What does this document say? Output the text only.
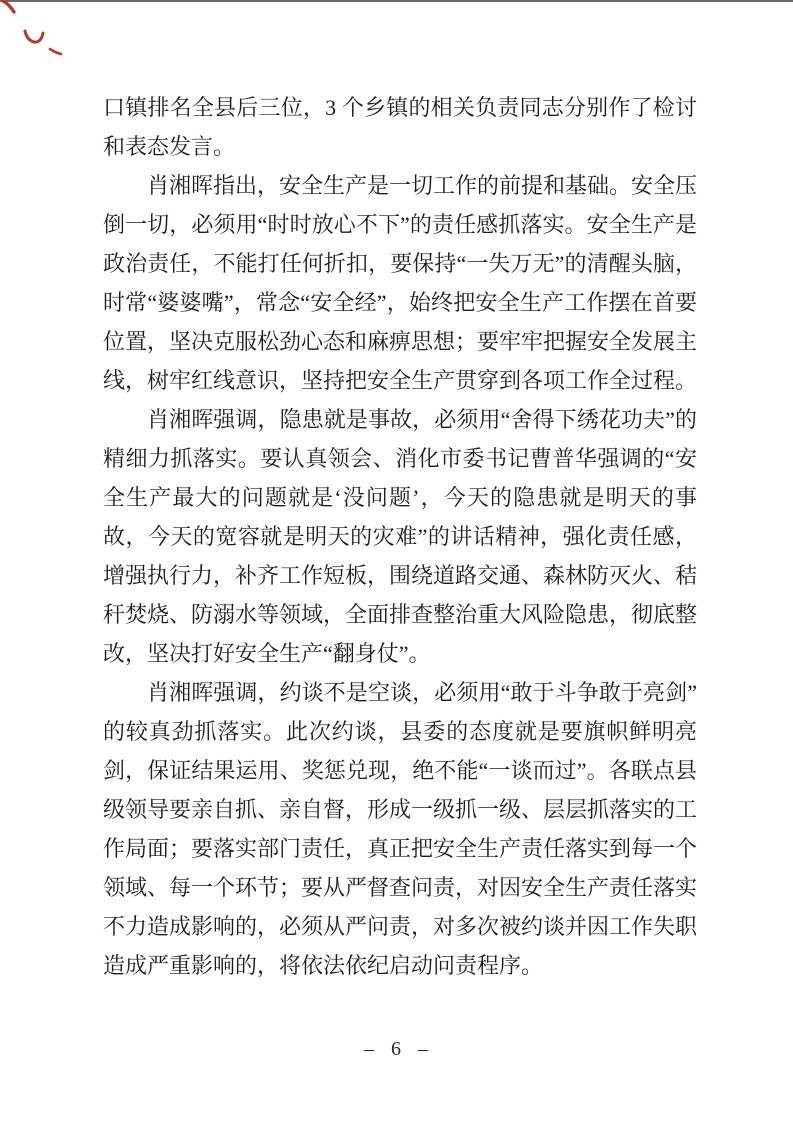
口镇排名全县后三位，3 个乡镇的相关负责同志分别作了检讨和表态发言。

肖湘晖指出，安全生产是一切工作的前提和基础。安全压倒一切，必须用“时时放心不下”的责任感抓落实。安全生产是政治责任，不能打任何折扣，要保持“一失万无”的清醒头脑，时常“婆婆嘴”，常念“安全经”，始终把安全生产工作摆在首要位置，坚决克服松劲心态和麻痹思想；要牢牢把握安全发展主线，树牢红线意识，坚持把安全生产贯穿到各项工作全过程。

肖湘晖强调，隐患就是事故，必须用“舍得下绣花功夫”的精细力抓落实。要认真领会、消化市委书记曹普华强调的“安全生产最大的问题就是‘没问题’，今天的隐患就是明天的事故，今天的宽容就是明天的灾难”的讲话精神，强化责任感，增强执行力，补齐工作短板，围绕道路交通、森林防灭火、秸秆焚烧、防溺水等领域，全面排查整治重大风险隐患，彻底整改，坚决打好安全生产“翻身仗”。

肖湘晖强调，约谈不是空谈，必须用“敢于斗争敢于亮剑”的较真劲抓落实。此次约谈，县委的态度就是要旗帜鲜明亮剑，保证结果运用、奖惩兑现，绝不能“一谈而过”。各联点县级领导要亲自抓、亲自督，形成一级抓一级、层层抓落实的工作局面；要落实部门责任，真正把安全生产责任落实到每一个领域、每一个环节；要从严督查问责，对因安全生产责任落实不力造成影响的，必须从严问责，对多次被约谈并因工作失职造成严重影响的，将依法依纪启动问责程序。

– 6 –
